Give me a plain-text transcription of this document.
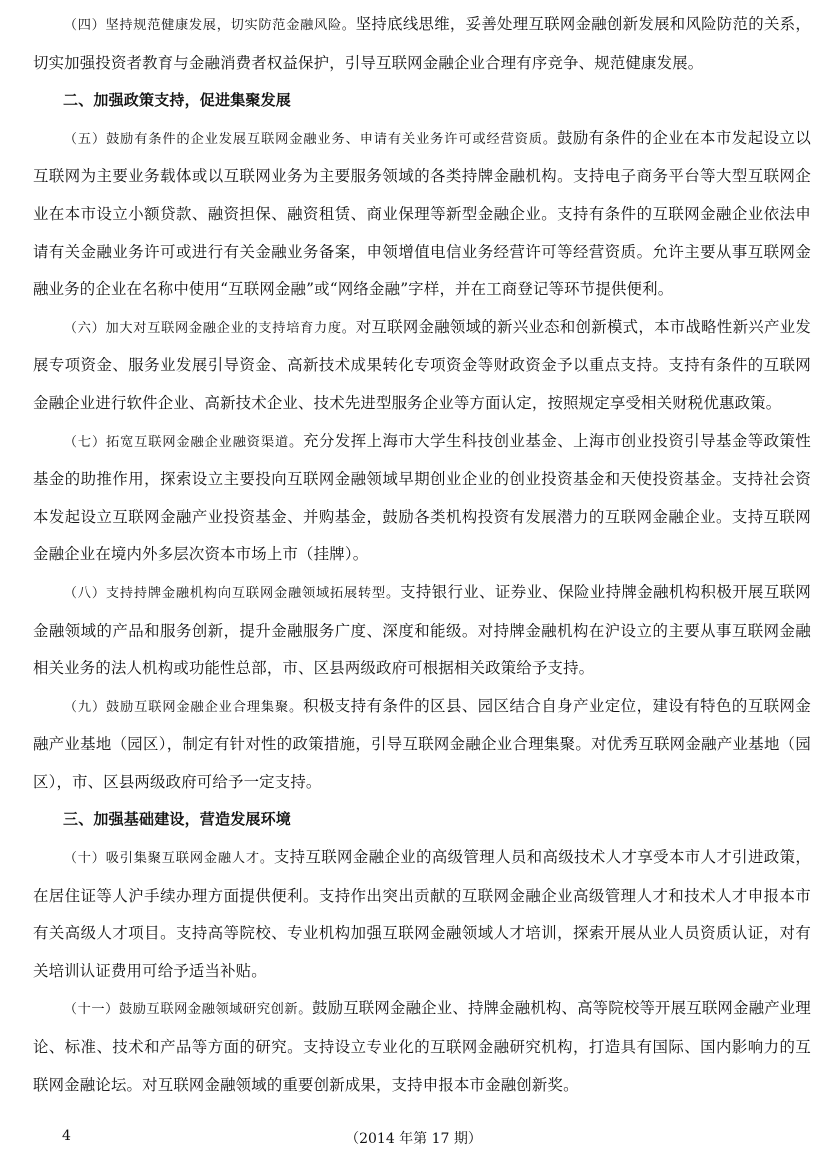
（四）坚持规范健康发展，切实防范金融风险。坚持底线思维，妥善处理互联网金融创新发展和风险防范的关系，切实加强投资者教育与金融消费者权益保护，引导互联网金融企业合理有序竞争、规范健康发展。

二、加强政策支持，促进集聚发展

（五）鼓励有条件的企业发展互联网金融业务、申请有关业务许可或经营资质。鼓励有条件的企业在本市发起设立以互联网为主要业务载体或以互联网业务为主要服务领域的各类持牌金融机构。支持电子商务平台等大型互联网企业在本市设立小额贷款、融资担保、融资租赁、商业保理等新型金融企业。支持有条件的互联网金融企业依法申请有关金融业务许可或进行有关金融业务备案，申领增值电信业务经营许可等经营资质。允许主要从事互联网金融业务的企业在名称中使用“互联网金融”或“网络金融”字样，并在工商登记等环节提供便利。

（六）加大对互联网金融企业的支持培育力度。对互联网金融领域的新兴业态和创新模式，本市战略性新兴产业发展专项资金、服务业发展引导资金、高新技术成果转化专项资金等财政资金予以重点支持。支持有条件的互联网金融企业进行软件企业、高新技术企业、技术先进型服务企业等方面认定，按照规定享受相关财税优惠政策。

（七）拓宽互联网金融企业融资渠道。充分发挥上海市大学生科技创业基金、上海市创业投资引导基金等政策性基金的助推作用，探索设立主要投向互联网金融领域早期创业企业的创业投资基金和天使投资基金。支持社会资本发起设立互联网金融产业投资基金、并购基金，鼓励各类机构投资有发展潜力的互联网金融企业。支持互联网金融企业在境内外多层次资本市场上市（挂牌）。

（八）支持持牌金融机构向互联网金融领域拓展转型。支持银行业、证券业、保险业持牌金融机构积极开展互联网金融领域的产品和服务创新，提升金融服务广度、深度和能级。对持牌金融机构在沪设立的主要从事互联网金融相关业务的法人机构或功能性总部，市、区县两级政府可根据相关政策给予支持。

（九）鼓励互联网金融企业合理集聚。积极支持有条件的区县、园区结合自身产业定位，建设有特色的互联网金融产业基地（园区），制定有针对性的政策措施，引导互联网金融企业合理集聚。对优秀互联网金融产业基地（园区），市、区县两级政府可给予一定支持。

三、加强基础建设，营造发展环境

（十）吸引集聚互联网金融人才。支持互联网金融企业的高级管理人员和高级技术人才享受本市人才引进政策，在居住证等人沪手续办理方面提供便利。支持作出突出贡献的互联网金融企业高级管理人才和技术人才申报本市有关高级人才项目。支持高等院校、专业机构加强互联网金融领域人才培训，探索开展从业人员资质认证，对有关培训认证费用可给予适当补贴。

（十一）鼓励互联网金融领域研究创新。鼓励互联网金融企业、持牌金融机构、高等院校等开展互联网金融产业理论、标准、技术和产品等方面的研究。支持设立专业化的互联网金融研究机构，打造具有国际、国内影响力的互联网金融论坛。对互联网金融领域的重要创新成果，支持申报本市金融创新奖。

4	（2014 年第 17 期）
